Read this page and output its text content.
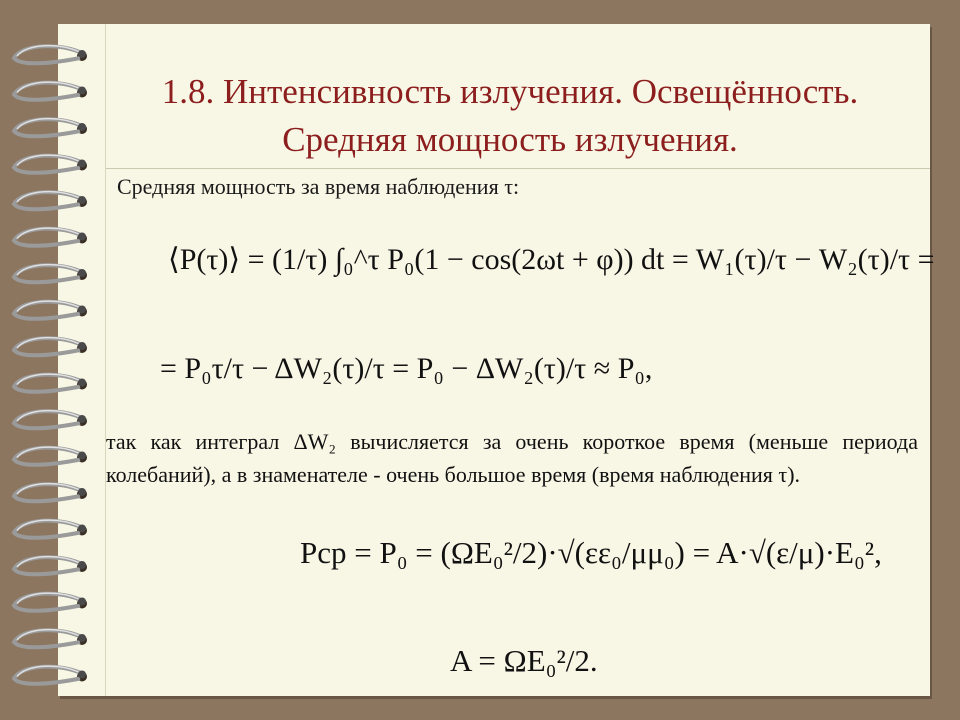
1.8. Интенсивность излучения. Освещённость.
Средняя мощность излучения.
Средняя мощность за время наблюдения τ:
⟨P(τ)⟩ = (1/τ) ∫₀^τ P₀(1 − cos(2ωt + φ)) dt = W₁(τ)/τ − W₂(τ)/τ =
= P₀τ/τ − ΔW₂(τ)/τ = P₀ − ΔW₂(τ)/τ ≈ P₀,
так как интеграл ΔW₂ вычисляется за очень короткое время (меньше периода колебаний), а в знаменателе - очень большое время (время наблюдения τ).
Pср = P₀ = (ΩE₀²/2)·√(εε₀/μμ₀) = A·√(ε/μ)·E₀²,
A = ΩE₀²/2.
